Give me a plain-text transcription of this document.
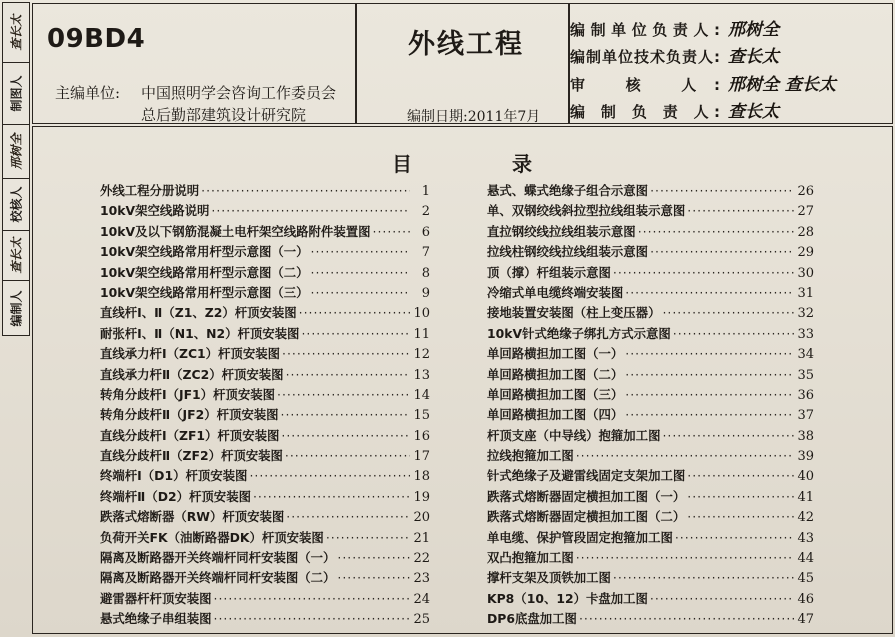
编制人
查长太
校核人
邢树全
制图人
查长太 09BD4
主编单位: 中国照明学会咨询工作委员会
总后勤部建筑设计研究院
外线工程
编制日期:2011年7月
编制单位负责人: 邢树全
编制单位技术负责人: 查长太
审 核 人: 邢树全 查长太
编 制 负 责 人: 查长太
目	录
外线工程分册说明 ·····	1
10kV架空线路说明 ·····	2
10kV及以下钢筋混凝土电杆架空线路附件装置图 ·····	6
10kV架空线路常用杆型示意图（一） ·····	7
10kV架空线路常用杆型示意图（二） ·····	8
10kV架空线路常用杆型示意图（三） ·····	9
直线杆Ⅰ、Ⅱ（Z1、Z2）杆顶安装图 ·····	10
耐张杆Ⅰ、Ⅱ（N1、N2）杆顶安装图 ·····	11
直线承力杆Ⅰ（ZC1）杆顶安装图 ·····	12
直线承力杆Ⅱ（ZC2）杆顶安装图 ·····	13
转角分歧杆Ⅰ（JF1）杆顶安装图 ·····	14
转角分歧杆Ⅱ（JF2）杆顶安装图 ·····	15
直线分歧杆Ⅰ（ZF1）杆顶安装图 ·····	16
直线分歧杆Ⅱ（ZF2）杆顶安装图 ·····	17
终端杆Ⅰ（D1）杆顶安装图 ·····	18
终端杆Ⅱ（D2）杆顶安装图 ·····	19
跌落式熔断器（RW）杆顶安装图 ·····	20
负荷开关FK（油断路器DK）杆顶安装图 ·····	21
隔离及断路器开关终端杆同杆安装图（一） ·····	22
隔离及断路器开关终端杆同杆安装图（二） ·····	23
避雷器杆杆顶安装图 ·····	24
悬式绝缘子串组装图 ·····	25
悬式、蝶式绝缘子组合示意图 ·····	26
单、双钢绞线斜拉型拉线组装示意图 ·····	27
直拉钢绞线拉线组装示意图 ·····	28
拉线柱钢绞线拉线组装示意图 ·····	29
顶（撑）杆组装示意图 ·····	30
冷缩式单电缆终端安装图 ·····	31
接地装置安装图（柱上变压器） ·····	32
10kV针式绝缘子绑扎方式示意图 ·····	33
单回路横担加工图（一） ·····	34
单回路横担加工图（二） ·····	35
单回路横担加工图（三） ·····	36
单回路横担加工图（四） ·····	37
杆顶支座（中导线）抱箍加工图 ·····	38
拉线抱箍加工图 ·····	39
针式绝缘子及避雷线固定支架加工图 ·····	40
跌落式熔断器固定横担加工图（一） ·····	41
跌落式熔断器固定横担加工图（二） ·····	42
单电缆、保护管段固定抱箍加工图 ·····	43
双凸抱箍加工图 ·····	44
撑杆支架及顶铁加工图 ·····	45
KP8（10、12）卡盘加工图 ·····	46
DP6底盘加工图 ·····	47
